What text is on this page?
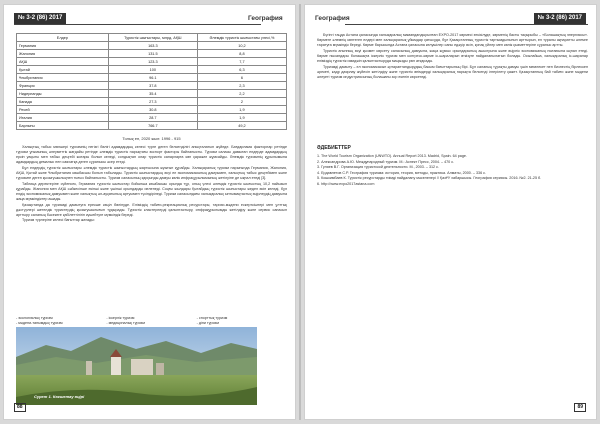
№ 3-2 (86) 2017	География
Елдер	Туристік шығыстары, млрд. АҚШ	Әлемдік туристік шығыстағы үлесі,%
Германия	163.3	10,2
Жапония	131.5	8,8
АҚШ	123.3	7,7
Қытай	100	6,3
Ұлыбритания	96.1	6
Франция	37.8	2,3
Нидерланды	35.4	2,2
Канада	27.3	2
Ресей	30.8	1,9
Италия	28.7	1,9
Барлығы	766.7	49,2
Толық ен, 2020 жыл: 1996 - 915

Халықтың табыс мөлшері туризмнің негізгі бөлігі адамдардың келесі түрге деген белсенділігі анықталатын жүйеде. Бағдарлама факторлар ретінде туризм ұғымының әлеуметтік жағдайы ретінде әлемдік туристік нарықтағы экспорт факторы байланысты. Туризм саласы дамыған елдерде адамдардың еркін уақыты мен табыс деңгейі жоғары болып келеді, сондықтан олар туристік сапарларға көп қаражат жұмсайды. Әлемдік туризмнің құрылымына адамдардың демалыс пен саяхатқа деген сұранысы әсер етеді.

Бұл елдердің туристік шығыстары әлемдік туристік шығыстардың жартысына жуығын құрайды. Халықаралық туризм нарығында Германия, Жапония, АҚШ, Қытай және Ұлыбритания көшбасшы болып табылады. Туристік шығыстардың өсуі ел экономикасының дамуымен, халықтың табыс деңгейімен және туризмге деген қызығушылықпен тығыз байланысты. Туризм саласының қарқынды дамуы көлік инфрақұрылымының жетілуіне де ықпал етеді [3].

Таблица деректеріне сүйенсек, Германия туристік шығыстар бойынша көшбасшы орында тұр, оның үлесі әлемдік туристік шығыстың 10,2 пайызын құрайды. Жапония мен АҚШ сәйкесінше екінші және үшінші орындарды иеленеді. Соңғы жылдары Қытайдың туристік шығыстары жедел өсіп келеді, бұл елдің экономикалық дамуымен және халықтың әл-ауқатының артуымен түсіндіріледі. Туризм саласындағы халықаралық ынтымақтастық өңірлердің дамуына жаңа мүмкіндіктер ашады.

Қазақстанда да туризмді дамытуға ерекше көңіл бөлінуде. Еліміздің табиғи-рекреациялық ресурстары, тарихи-мәдени ескерткіштері мен ұлттық дәстүрлері шетелдік туристердің қызығушылығын тудырады. Туристік кластерлерді қалыптастыру, инфрақұрылымды жетілдіру және сервис сапасын арттыру саланың бәсекеге қабілеттілігін күшейтуге мүмкіндік береді.

Туризм түрлеріне келесі бағыттар жатады:

- экологиялық туризм
- мәдени-танымдық туризм
- іскерлік туризм
- медициналық туризм
- спорттық туризм
- діни туризм
Сурет 1. Көкшетау өңірі
88
География	№ 3-2 (86) 2017

Бүгінгі таңда Астана қаласында халықаралық мамандандырылған EXPO-2017 көрмесі өткізілуде, көрменің басты тақырыбы – «Болашақтың энергиясы». Көрмеге әлемнің көптеген елдері мен халықаралық ұйымдар қатысуда, бұл Қазақстанның туристік тартымдылығын арттырып, ел туралы ақпаратты әлемге таратуға мүмкіндік береді. Көрме барысында Астана қаласына келушілер саны едәуір өсіп, қонақ үйлер мен көлік қызметтеріне сұраныс артты.

Туристік ағынның өсуі қызмет көрсету саласының дамуына, жаңа жұмыс орындарының ашылуына және өңірлік экономиканың нығаюына ықпал етеді. Көрме нысандары болашақта іскерлік туризм мен конгресс-көрме іс-шараларын өткізуге пайдаланылатын болады. Осылайша, халықаралық іс-шаралар еліміздің туристік имиджін қалыптастыруда маңызды рөл атқарады.

Туризмді дамыту – ел экономикасын әртараптандырудың басым бағыттарының бірі. Бұл саланың тұрақты дамуы үшін мемлекет пен бизнестің бірлескен әрекеті, кадр даярлау жүйесін жетілдіру және туристік өнімдерді халықаралық нарықта белсенді ілгерілету қажет. Қазақстанның бай табиғи және мәдени әлеуеті туризм индустриясының болашағы зор екенін көрсетеді.

ӘДЕБИЕТТЕР
1. The World Tourism Organization (UNWTO). Annual Report 2013. Madrid, Spain. 64 page.
2. Александрова А.Ю. Международный туризм. М.: Аспект Пресс, 2004. – 470 с.
3. Гуляев В.Г. Организация туристской деятельности. М., 2003. – 312 с.
4. Ердавлетов С.Р. География туризма: история, теория, методы, практика. Алматы, 2000. – 336 с.
5. Кошкимбаев К. Туристік ресурстарды тиімді пайдалану мәселелері // ҚазҰУ хабаршысы. География сериясы. 2016. №2. 21-25 б.
6. http://www.expo2017astana.com
89
